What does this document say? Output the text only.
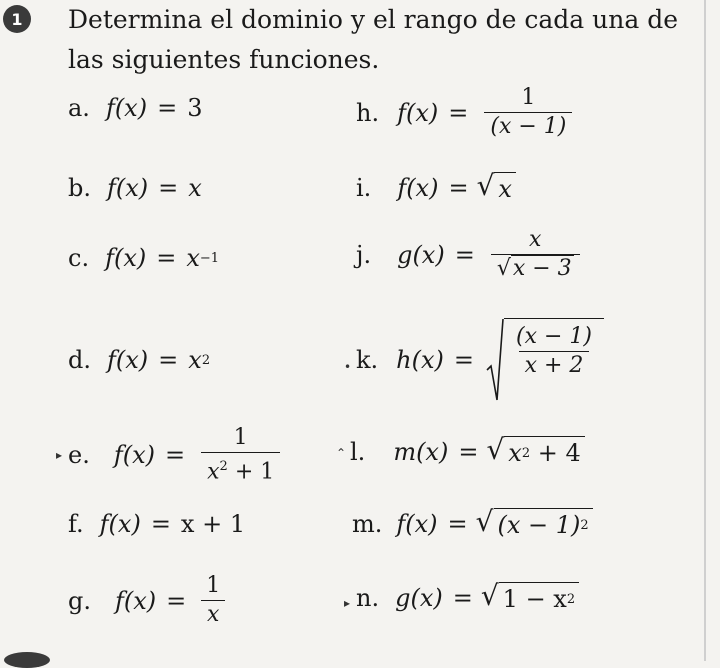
1	Determina el dominio y el rango de cada una de las siguientes funciones.
a. f(x) = 3
b. f(x) = x
c. f(x) = x −1
d. f(x) = x 2
▸ e. $f(x) = \frac{1}{x^2 + 1}$
f. f(x) = x + 1
g. $f(x) = \frac{1}{x}$
h. $f(x) = \frac{1}{(x - 1)}$
i. f(x) = √ x
j. $g(x) = \frac{x}{√x - 3}$
• k. $h(x) = \frac{(x - 1)}{x + 2}$
⌃ l. m(x) = √ x 2
+ 4
m. f(x) = √ (x − 1) 2
▸ n. g(x) = √ 1 − x 2
